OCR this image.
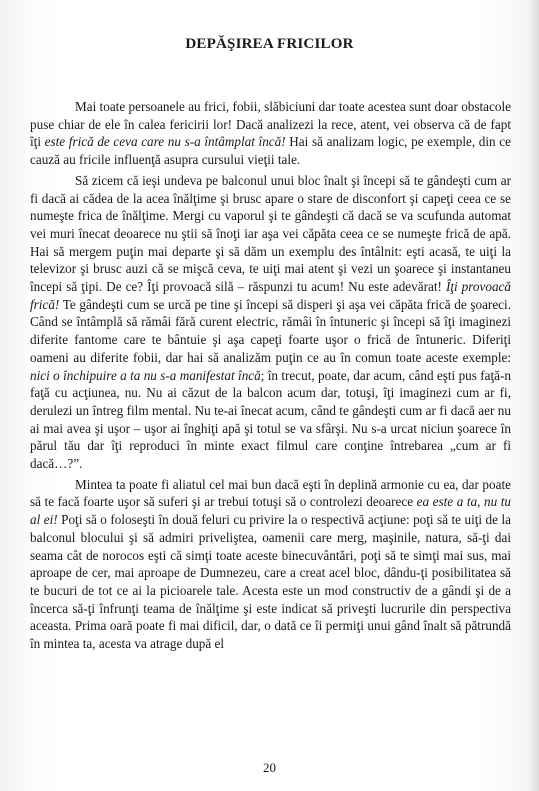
DEPĂŞIREA FRICILOR

Mai toate persoanele au frici, fobii, slăbiciuni dar toate acestea sunt doar obstacole puse chiar de ele în calea fericirii lor! Dacă analizezi la rece, atent, vei observa că de fapt îţi este frică de ceva care nu s-a întâmplat încă! Hai să analizam logic, pe exemple, din ce cauză au fricile influenţă asupra cursului vieţii tale.

Să zicem că ieşi undeva pe balconul unui bloc înalt şi începi să te gândeşti cum ar fi dacă ai cădea de la acea înălţime şi brusc apare o stare de disconfort şi capeţi ceea ce se numeşte frica de înălţime. Mergi cu vaporul şi te gândeşti că dacă se va scufunda automat vei muri înecat deoarece nu ştii să înoţi iar aşa vei căpăta ceea ce se numeşte frică de apă. Hai să mergem puţin mai departe şi să dăm un exemplu des întâlnit: eşti acasă, te uiţi la televizor şi brusc auzi că se mişcă ceva, te uiţi mai atent şi vezi un şoarece şi instantaneu începi să ţipi. De ce? Îţi provoacă silă – răspunzi tu acum! Nu este adevărat! Îţi provoacă frică! Te gândeşti cum se urcă pe tine şi începi să disperi şi aşa vei căpăta frică de şoareci. Când se întâmplă să rămâi fără curent electric, rămâi în întuneric şi începi să îţi imaginezi diferite fantome care te bântuie şi aşa capeţi foarte uşor o frică de întuneric. Diferiţi oameni au diferite fobii, dar hai să analizăm puţin ce au în comun toate aceste exemple: nici o închipuire a ta nu s-a manifestat încă; în trecut, poate, dar acum, când eşti pus faţă-n faţă cu acţiunea, nu. Nu ai căzut de la balcon acum dar, totuşi, îţi imaginezi cum ar fi, derulezi un întreg film mental. Nu te-ai înecat acum, când te gândeşti cum ar fi dacă aer nu ai mai avea şi uşor – uşor ai înghiţi apă şi totul se va sfârşi. Nu s-a urcat niciun şoarece în părul tău dar îţi reproduci în minte exact filmul care conţine întrebarea „cum ar fi dacă…?”.

Mintea ta poate fi aliatul cel mai bun dacă eşti în deplină armonie cu ea, dar poate să te facă foarte uşor să suferi şi ar trebui totuşi să o controlezi deoarece ea este a ta, nu tu al ei! Poţi să o foloseşti în două feluri cu privire la o respectivă acţiune: poţi să te uiţi de la balconul blocului şi să admiri priveliştea, oamenii care merg, maşinile, natura, să-ţi dai seama cât de norocos eşti că simţi toate aceste binecuvântări, poţi să te simţi mai sus, mai aproape de cer, mai aproape de Dumnezeu, care a creat acel bloc, dându-ţi posibilitatea să te bucuri de tot ce ai la picioarele tale. Acesta este un mod constructiv de a gândi şi de a încerca să-ţi înfrunţi teama de înălţime şi este indicat să priveşti lucrurile din perspectiva aceasta. Prima oară poate fi mai dificil, dar, o dată ce îi permiţi unui gând înalt să pătrundă în mintea ta, acesta va atrage după el

20
